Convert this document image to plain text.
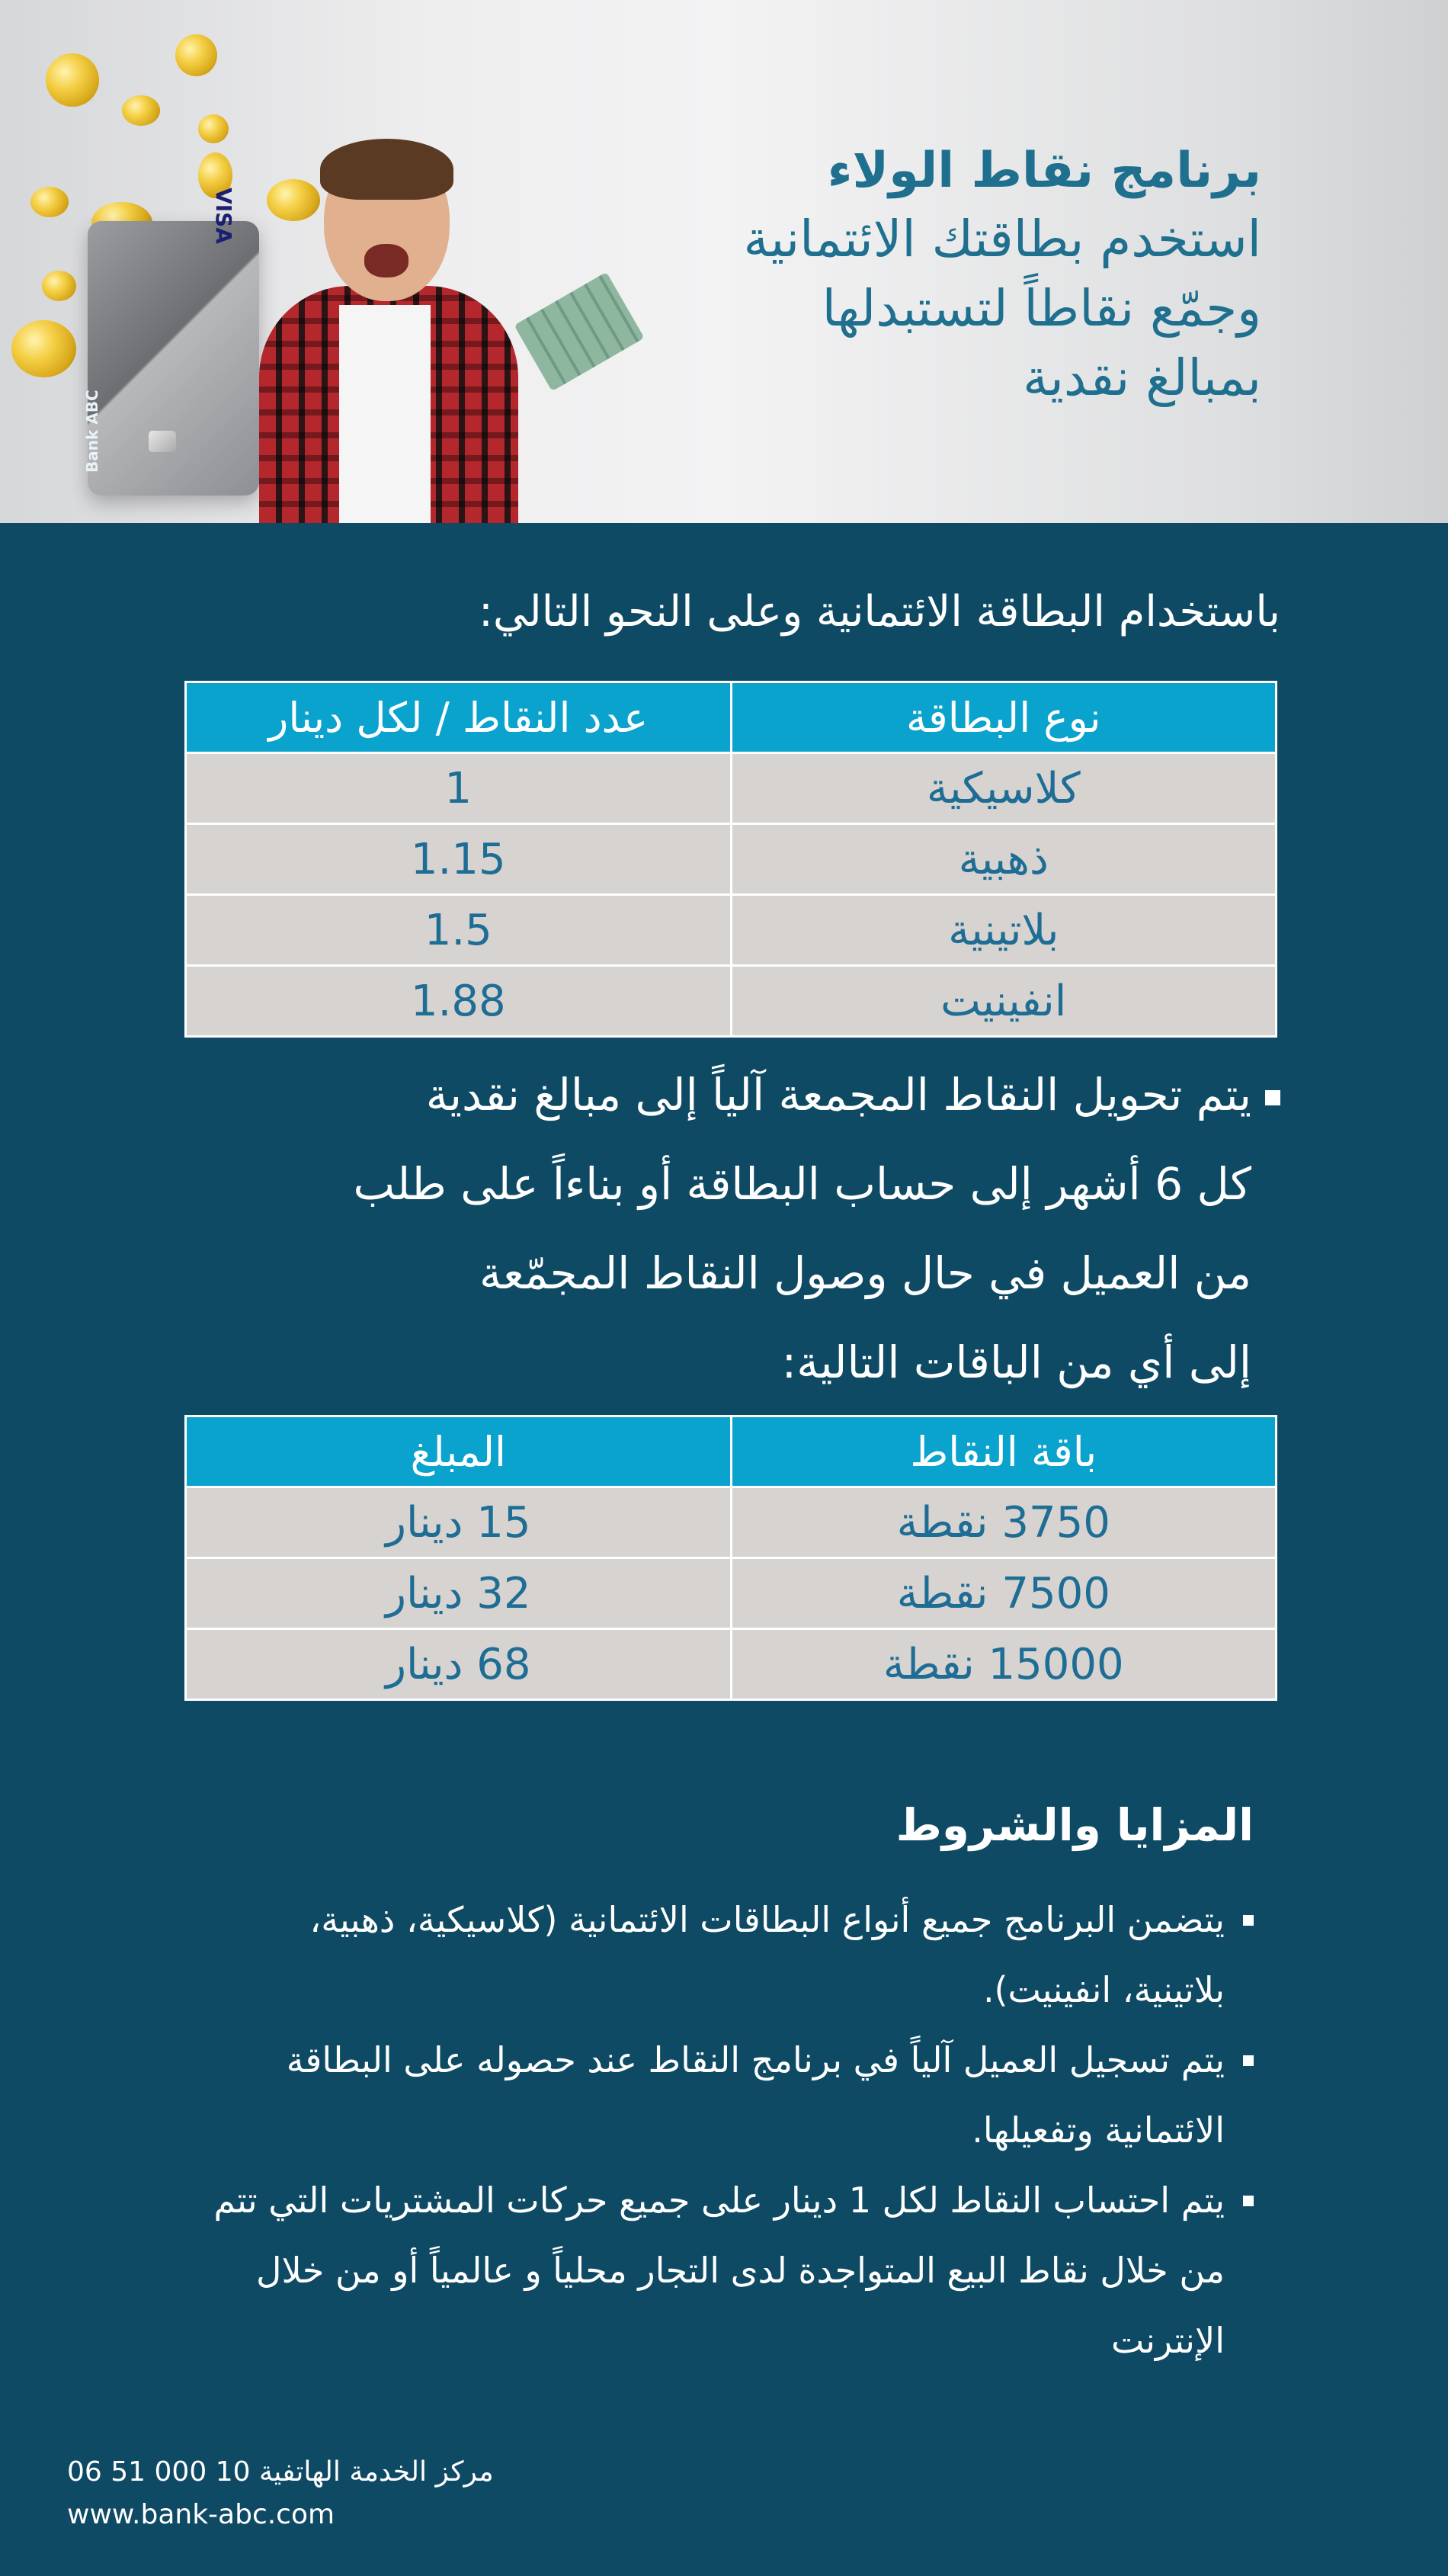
VISA
Bank ABC
برنامج نقاط الولاء
استخدم بطاقتك الائتمانية
وجمّع نقاطاً لتستبدلها
بمبالغ نقدية
باستخدام البطاقة الائتمانية وعلى النحو التالي:
نوع البطاقة	عدد النقاط / لكل دينار
كلاسيكية	1
ذهبية	1.15
بلاتينية	1.5
انفينيت	1.88

يتم تحويل النقاط المجمعة آلياً إلى مبالغ نقدية

كل 6 أشهر إلى حساب البطاقة أو بناءاً على طلب

من العميل في حال وصول النقاط المجمّعة

إلى أي من الباقات التالية:

باقة النقاط	المبلغ
3750 نقطة	15 دينار
7500 نقطة	32 دينار
15000 نقطة	68 دينار
المزايا والشروط
يتضمن البرنامج جميع أنواع البطاقات الائتمانية (كلاسيكية، ذهبية، بلاتينية، انفينيت).
يتم تسجيل العميل آلياً في برنامج النقاط عند حصوله على البطاقة الائتمانية وتفعيلها.
يتم احتساب النقاط لكل 1 دينار على جميع حركات المشتريات التي تتم من خلال نقاط البيع المتواجدة لدى التجار محلياً و عالمياً أو من خلال الإنترنت
مركز الخدمة الهاتفية 10 000 51 06
www.bank-abc.com
